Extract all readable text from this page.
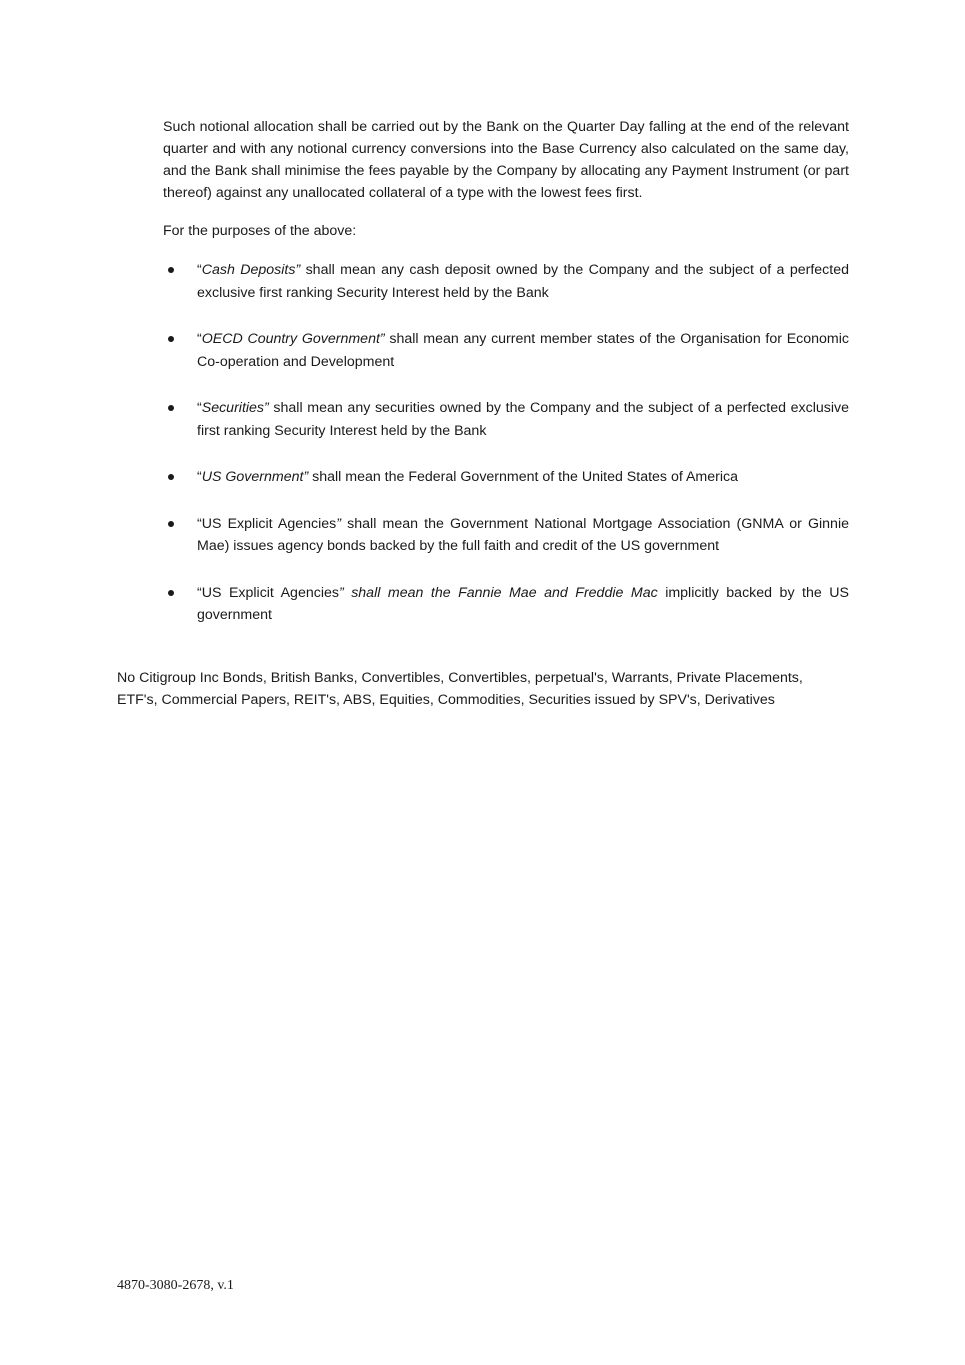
Such notional allocation shall be carried out by the Bank on the Quarter Day falling at the end of the relevant quarter and with any notional currency conversions into the Base Currency also calculated on the same day, and the Bank shall minimise the fees payable by the Company by allocating any Payment Instrument (or part thereof) against any unallocated collateral of a type with the lowest fees first.

For the purposes of the above:

“Cash Deposits” shall mean any cash deposit owned by the Company and the subject of a perfected exclusive first ranking Security Interest held by the Bank
“OECD Country Government” shall mean any current member states of the Organisation for Economic Co-operation and Development
“Securities” shall mean any securities owned by the Company and the subject of a perfected exclusive first ranking Security Interest held by the Bank
“US Government” shall mean the Federal Government of the United States of America
“US Explicit Agencies” shall mean the Government National Mortgage Association (GNMA or Ginnie Mae) issues agency bonds backed by the full faith and credit of the US government
“US Explicit Agencies” shall mean the Fannie Mae and Freddie Mac implicitly backed by the US government

No Citigroup Inc Bonds, British Banks, Convertibles, Convertibles, perpetual's, Warrants, Private Placements, ETF's, Commercial Papers, REIT's, ABS, Equities, Commodities, Securities issued by SPV's, Derivatives

4870-3080-2678, v.1
